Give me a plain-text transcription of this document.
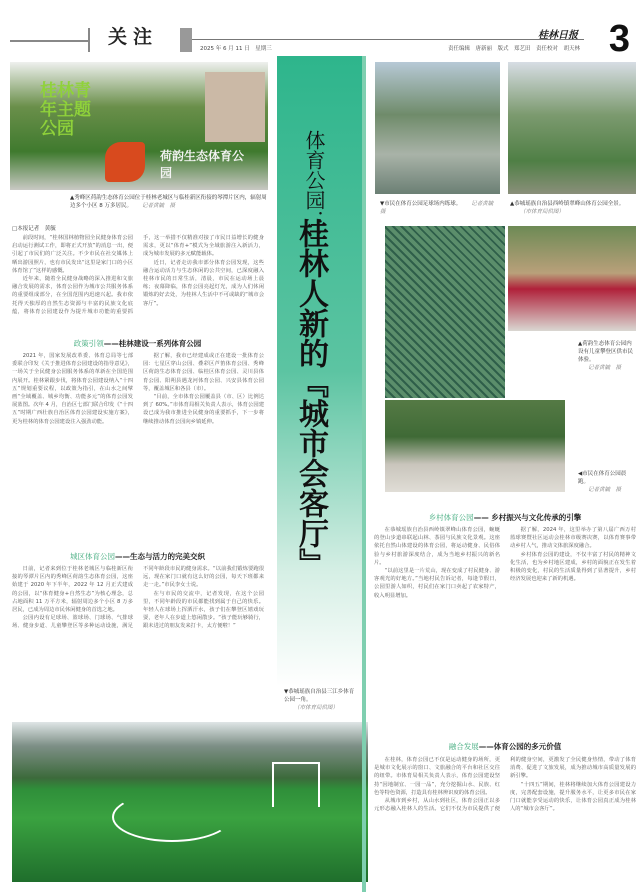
关注
2025 年 6 月 11 日　星期三
桂林日报
责任编辑　唐新丽　版式　郑艺田　责任校对　胡天林 3
桂林青年主题公园
荷韵生态体育公园
▲秀峰区荷韵生态体育公园位于桂林老城区与临桂新区衔接的琴潭片区内，辐射周边多个小区 8 万多居民。 记者黄毓　摄
□本报记者　黄毓

前段时间，“桂林国林植物园全民健身体育公园启动运行测试工作，即将正式开放”的消息一出，便引起了市民们的广泛关注。不少市民在社交媒体上晒出游园照片，也有市民发出“这里是家门口的小区体育馆了”这样的感慨。

近年来，随着全民健身战略的深入推进和文旅融合发展的需求，体育公园作为城市公共服务体系的重要组成部分，在全国范围内迅速兴起。我市依托得天独厚的自然生态资源与丰富的民族文化底蕴，将体育公园建设作为提升城市功能的重要抓手，这一举措不仅精准对接了市民日益增长的健身需求，更以“体育+”模式为全域旅游注入新活力，成为城市发展的多元赋能载体。

近日，记者走访我市部分体育公园发现，这些融合运动活力与生态休闲的公共空间，已深度融入桂林市民的日常生活，清晨，市民在运动场上晨练；夜幕降临，体育公园亮起灯光，成为人们休闲锻炼的好去处，为桂林人生活中不可或缺的“城市会客厅”。

政策引领——桂林建设一系列体育公园

2021 年，国家发展改革委、体育总局等七部委联合印发《关于推进体育公园建设的指导意见》，一场关于全民健身公园服务体系的革新在全国范围内展开。桂林紧跟步伐，将体育公园建设纳入“十四五”规划重要议程，以政策为指引，在山水之间擘画“全域覆盖、城乡均衡、功能多元”的体育公园发展蓝图。次年 4 月，自治区七部门联合印发《“十四五”时期广西壮族自治区体育公园建设实施方案》，更为桂林的体育公园建设注入强劲动能。

据了解，我市已经建成或正在建设一批体育公园：七星区穿山公园、叠彩区芦笛体育公园、秀峰区荷韵生态体育公园、临桂区体育公园、灵川县体育公园、阳朔县遇龙河体育公园、兴安县体育公园等，覆盖城区和各县（市）。

“目前，全市体育公园覆盖县（市、区）比例达到了 60%。”市体育局相关负责人表示，体育公园建设已成为我市推进全民健身的重要抓手，下一步将继续推动体育公园向乡镇延伸。

城区体育公园——生态与活力的完美交织

日前，记者来到位于桂林老城区与临桂新区衔接的琴潭片区内的秀峰区荷韵生态体育公园，这座始建于 2020 年下半年，2022 年 12 月正式建成的公园，以“体育健身+自然生态”为核心理念，总占地面积 11 万平方米，辐射周边多个小区 8 万多居民，已成为周边市民休闲健身的首选之地。

公园内设有足球场、篮球场、门球场、气排球场、健身步道、儿童攀登区等多种运动设施，满足不同年龄段市民的健身需求。“以前我们锻炼要跑很远，现在家门口就有这么好的公园，每天下班都来走一走。”市民李女士说。

在与市民的交流中，记者发现，在这个公园里，不同年龄段的市民都能找到属于自己的快乐。年轻人在球场上挥洒汗水，孩子们在攀登区嬉戏玩耍，老年人在步道上悠闲散步。“孩子能玩够骑行，跟未进过的朋友发来打卡，太方便啦！”

体育公园：
桂林人新的『城市会客厅』
▼恭城瑶族自治县三江乡体育公园一角。
（市体育局供图）
▼市民在体育公园足球场内练球。 记者黄毓　摄
▲恭城瑶族自治县西岭镇翠峰山体育公园全景。（市体育局供图）
▲荷韵生态体育公园内设有儿童攀登区供市民体验。
记者黄毓　摄
◀市民在体育公园晨跑。
记者黄毓　摄
乡村体育公园—— 乡村振兴与文化传承的引擎

在恭城瑶族自治县西岭镇翠峰山体育公园，蜿蜒的登山步道串联起山林、茶园与民族文化景观。这座依托自然山体建设的体育公园，将运动健身、民俗体验与乡村旅游深度结合，成为当地乡村振兴的新名片。

“以前这里是一片荒山，现在变成了村民健身、游客观光的好地方。”当地村民告诉记者，每逢节假日，公园里游人如织，村民们在家门口卖起了农家特产，收入明显增加。

据了解，2024 年，这里举办了第八届广西万村篮球赛暨社区运动会桂林市级赛决赛，以体育赛事带动乡村人气，推动文体旅深度融合。

乡村体育公园的建设，不仅丰富了村民的精神文化生活，也为乡村地区建成，乡村的面貌正在发生着积极的变化，村民的生活质量得到了显著提升，乡村经济发展也迎来了新的机遇。

融合发展——体育公园的多元价值

在桂林，体育公园已不仅是运动健身的场所，更是城市文化展示的窗口、文旅融合的平台和社区交往的纽带。市体育局相关负责人表示，体育公园建设坚持“因地制宜、一园一品”，充分挖掘山水、民族、红色等特色资源，打造具有桂林辨识度的体育公园。

从城市到乡村，从山水到社区，体育公园正以多元形态融入桂林人的生活。它们不仅为市民提供了便利的健身空间，更激发了全民健身热情，带动了体育消费、促进了文旅发展，成为推动城市高质量发展的新引擎。

“十四五”期间，桂林将继续加大体育公园建设力度，完善配套设施，提升服务水平，让更多市民在家门口就能享受运动的快乐，让体育公园真正成为桂林人的“城市会客厅”。
